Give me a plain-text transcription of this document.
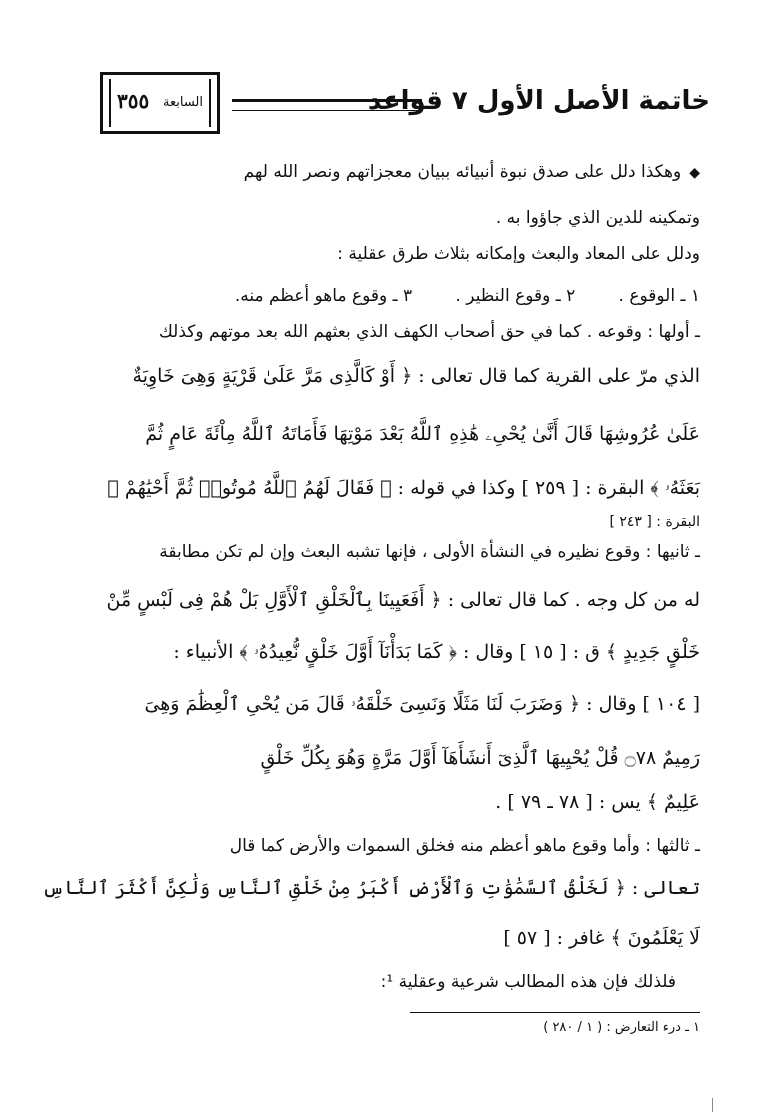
٣٥٥ السابعة	خاتمة الأصل الأول ٧ قواعد

◆وهكذا دلل على صدق نبوة أنبيائه ببيان معجزاتهم ونصر الله لهم

وتمكينه للدين الذي جاؤوا به .

ودلل على المعاد والبعث وإمكانه بثلاث طرق عقلية :

١ ـ الوقوع .        ٢ ـ وقوع النظير .        ٣ ـ وقوع ماهو أعظم منه.

ـ أولها : وقوعه . كما في حق أصحاب الكهف الذي بعثهم الله بعد موتهم وكذلك

الذي مرّ على القرية كما قال تعالى : ﴿ أَوْ كَالَّذِى مَرَّ عَلَىٰ قَرْيَةٍ وَهِىَ خَاوِيَةٌ

عَلَىٰ عُرُوشِهَا قَالَ أَنَّىٰ يُحْىِۦ هَٰذِهِ ٱللَّهُ بَعْدَ مَوْتِهَا فَأَمَاتَهُ ٱللَّهُ مِاْئَةَ عَامٍ ثُمَّ

بَعَثَهُۥ ﴾ البقرة : [ ٢٥٩ ] وكذا في قوله : ﴿ فَقَالَ لَهُمُ ٱللَّهُ مُوتُوا۟ ثُمَّ أَحْيَٰهُمْ ﴾

البقرة : [ ٢٤٣ ]

ـ ثانيها : وقوع نظيره في النشأة الأولى ، فإنها تشبه البعث وإن لم تكن مطابقة

له من كل وجه . كما قال تعالى : ﴿ أَفَعَيِينَا بِٱلْخَلْقِ ٱلْأَوَّلِ بَلْ هُمْ فِى لَبْسٍ مِّنْ

خَلْقٍ جَدِيدٍ ﴾ ق : [ ١٥ ] وقال : ﴿ كَمَا بَدَأْنَآ أَوَّلَ خَلْقٍ نُّعِيدُهُۥ ﴾ الأنبياء :

[ ١٠٤ ] وقال : ﴿ وَضَرَبَ لَنَا مَثَلًا وَنَسِىَ خَلْقَهُۥ قَالَ مَن يُحْىِ ٱلْعِظَٰمَ وَهِىَ

رَمِيمٌ ۝٧٨ قُلْ يُحْيِيهَا ٱلَّذِىٓ أَنشَأَهَآ أَوَّلَ مَرَّةٍ وَهُوَ بِكُلِّ خَلْقٍ

عَلِيمٌ ﴾ يس : [ ٧٨ ـ ٧٩ ] .

ـ ثالثها : وأما وقوع ماهو أعظم منه فخلق السموات والأرض كما قال

تعالى : ﴿ لَخَلْقُ ٱلسَّمَٰوَٰتِ وَٱلْأَرْضِ أَكْبَرُ مِنْ خَلْقِ ٱلنَّاسِ وَلَٰكِنَّ أَكْثَرَ ٱلنَّاسِ

لَا يَعْلَمُونَ ﴾ غافر : [ ٥٧ ]

فلذلك فإن هذه المطالب شرعية وعقلية ¹:

١ ـ درء التعارض : ( ١ / ٢٨٠ )
